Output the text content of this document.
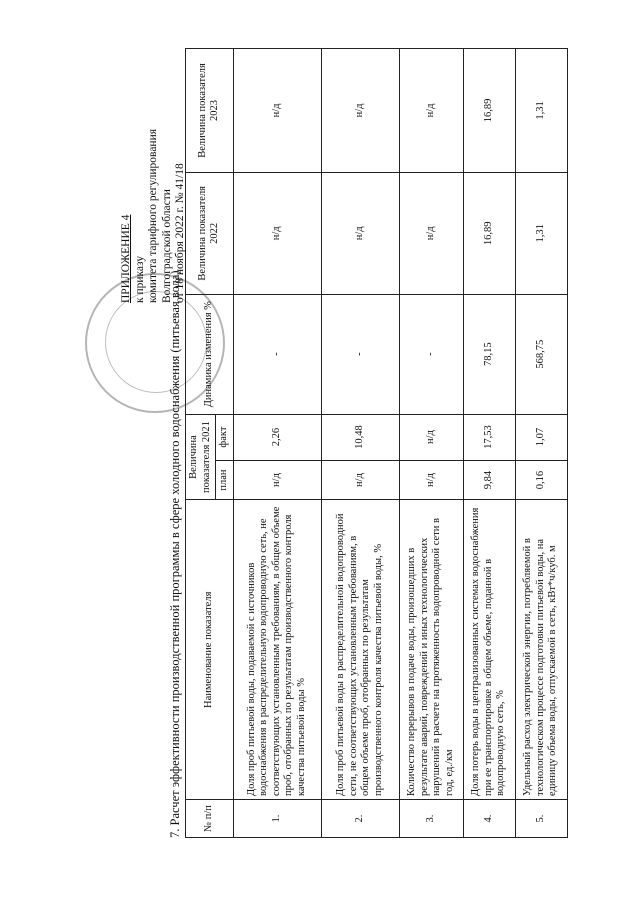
ПРИЛОЖЕНИЕ 4 к приказу комитета тарифного регулирования Волгоградской области от 18 ноября 2022 г. № 41/18
7. Расчет эффективности производственной программы в сфере холодного водоснабжения (питьевая вода) № п/п	Наименование показателя	Величина показателя 2021		Динамика изменения %	Величина показателя 2022	Величина показателя 2023
		план	факт			
1.	Доля проб питьевой воды, подаваемой с источников водоснабжения в распределительную водопроводную сеть, не соответствующих установленным требованиям, в общем объеме проб, отобранных по результатам производственного контроля качества питьевой воды %	н/д	2,26	-	н/д	н/д
2.	Доля проб питьевой воды в распределительной водопроводной сети, не соответствующих установленным требованиям, в общем объеме проб, отобранных по результатам производственного контроля качества питьевой воды, %	н/д	10,48	-	н/д	н/д
3.	Количество перерывов в подаче воды, произошедших в результате аварий, повреждений и иных технологических нарушений в расчете на протяженность водопроводной сети в год, ед./км	н/д	н/д	-	н/д	н/д
4.	Доля потерь воды в централизованных системах водоснабжения при ее транспортировке в общем объеме, поданной в водопроводную сеть, %	9,84	17,53	78,15	16,89	16,89
5.	Удельный расход электрической энергии, потребляемой в технологическом процессе подготовки питьевой воды, на единицу объема воды, отпускаемой в сеть, кВт*ч/куб. м	0,16	1,07	568,75	1,31	1,31
